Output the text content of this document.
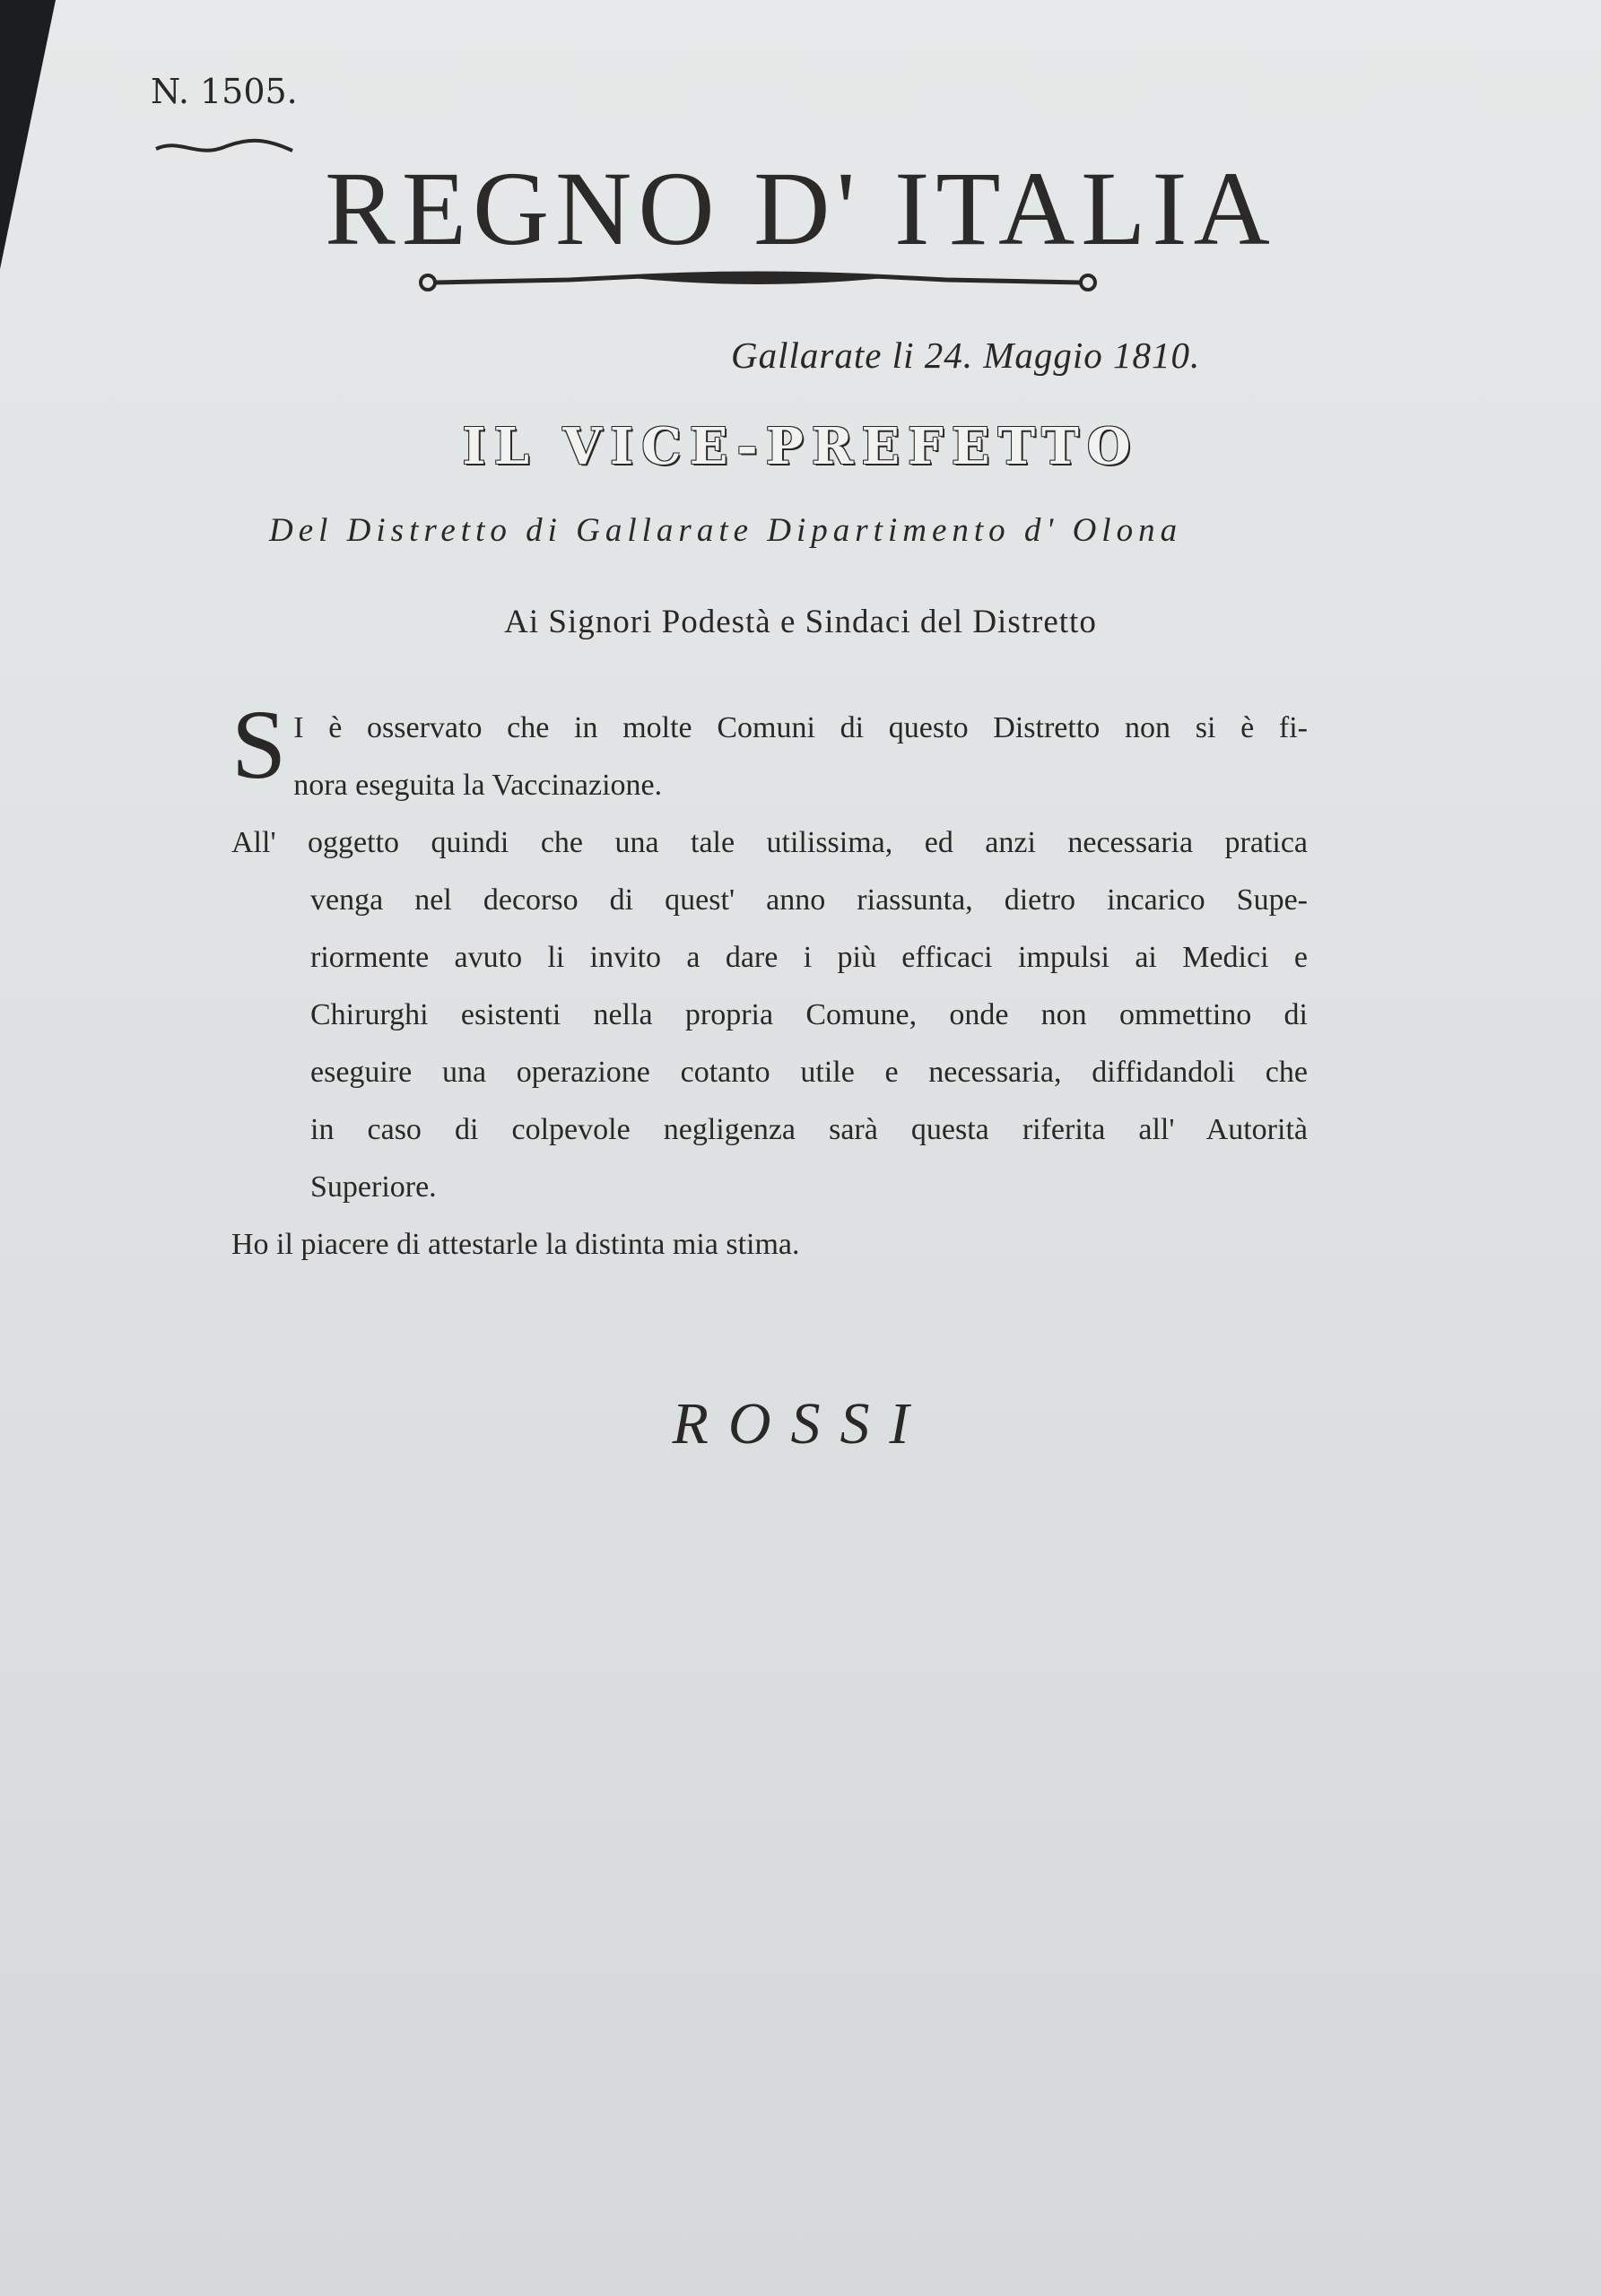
N. 1505.
REGNO D' ITALIA
Gallarate li 24. Maggio 1810.
IL VICE-PREFETTO
Del Distretto di Gallarate Dipartimento d' Olona
Ai Signori Podestà e Sindaci del Distretto
S I è osservato che in molte Comuni di questo Distretto non si è fi-
nora eseguita la Vaccinazione.
All' oggetto quindi che una tale utilissima, ed anzi necessaria pratica
venga nel decorso di quest' anno riassunta, dietro incarico Supe-
riormente avuto li invito a dare i più efficaci impulsi ai Medici e
Chirurghi esistenti nella propria Comune, onde non ommettino di
eseguire una operazione cotanto utile e necessaria, diffidandoli che
in caso di colpevole negligenza sarà questa riferita all' Autorità
Superiore.
Ho il piacere di attestarle la distinta mia stima.
ROSSI
